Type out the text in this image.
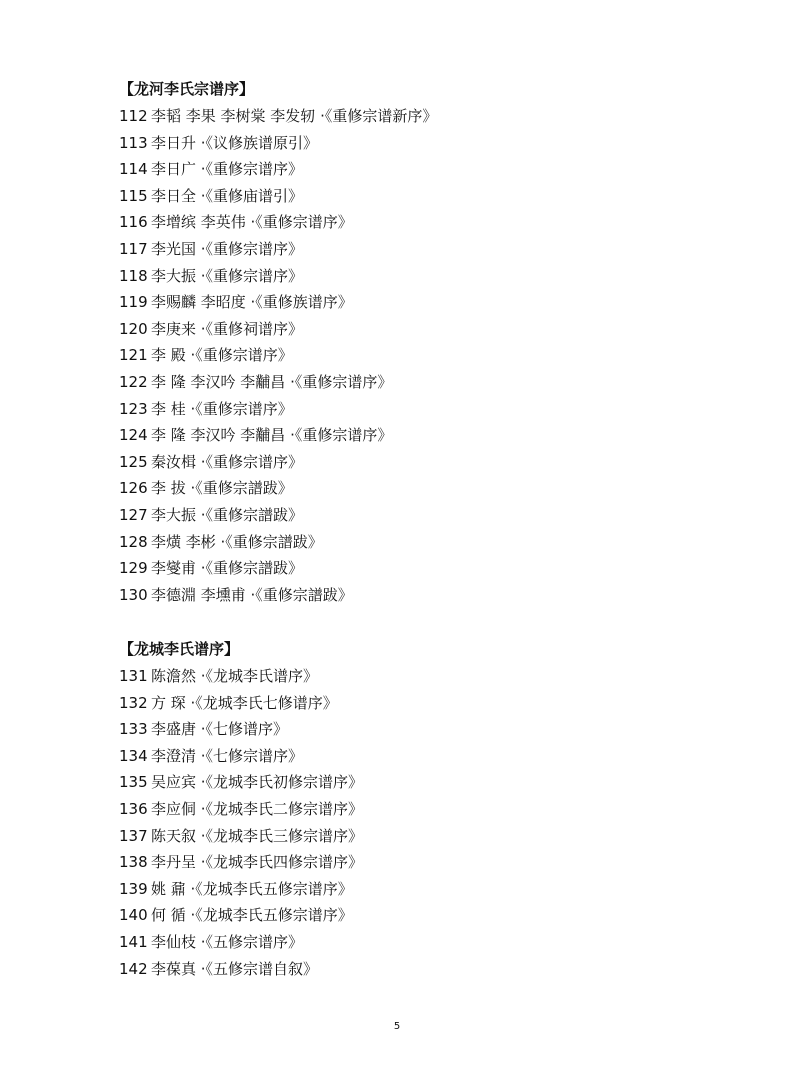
【龙河李氏宗谱序】
112 李韬 李果 李树棠 李发轫 ·《重修宗谱新序》
113 李日升 ·《议修族谱原引》
114 李日广 ·《重修宗谱序》
115 李日全 ·《重修庙谱引》
116 李增缤 李英伟 ·《重修宗谱序》
117 李光国 ·《重修宗谱序》
118 李大振 ·《重修宗谱序》
119 李赐麟 李昭度 ·《重修族谱序》
120 李庚来 ·《重修祠谱序》
121 李 殿 ·《重修宗谱序》
122 李 隆 李汉吟 李黼昌 ·《重修宗谱序》
123 李 桂 ·《重修宗谱序》
124 李 隆 李汉吟 李黼昌 ·《重修宗谱序》
125 秦汝楫 ·《重修宗谱序》
126 李 拔 ·《重修宗譜跋》
127 李大振 ·《重修宗譜跋》
128 李熿 李彬 ·《重修宗譜跋》
129 李燮甫 ·《重修宗譜跋》
130 李德淵 李壎甫 ·《重修宗譜跋》
【龙城李氏谱序】
131 陈澹然 ·《龙城李氏谱序》
132 方 琛 ·《龙城李氏七修谱序》
133 李盛唐 ·《七修谱序》
134 李澄清 ·《七修宗谱序》
135 吴应宾 ·《龙城李氏初修宗谱序》
136 李应侗 ·《龙城李氏二修宗谱序》
137 陈天叙 ·《龙城李氏三修宗谱序》
138 李丹呈 ·《龙城李氏四修宗谱序》
139 姚 鼐 ·《龙城李氏五修宗谱序》
140 何 循 ·《龙城李氏五修宗谱序》
141 李仙枝 ·《五修宗谱序》
142 李葆真 ·《五修宗谱自叙》
5
